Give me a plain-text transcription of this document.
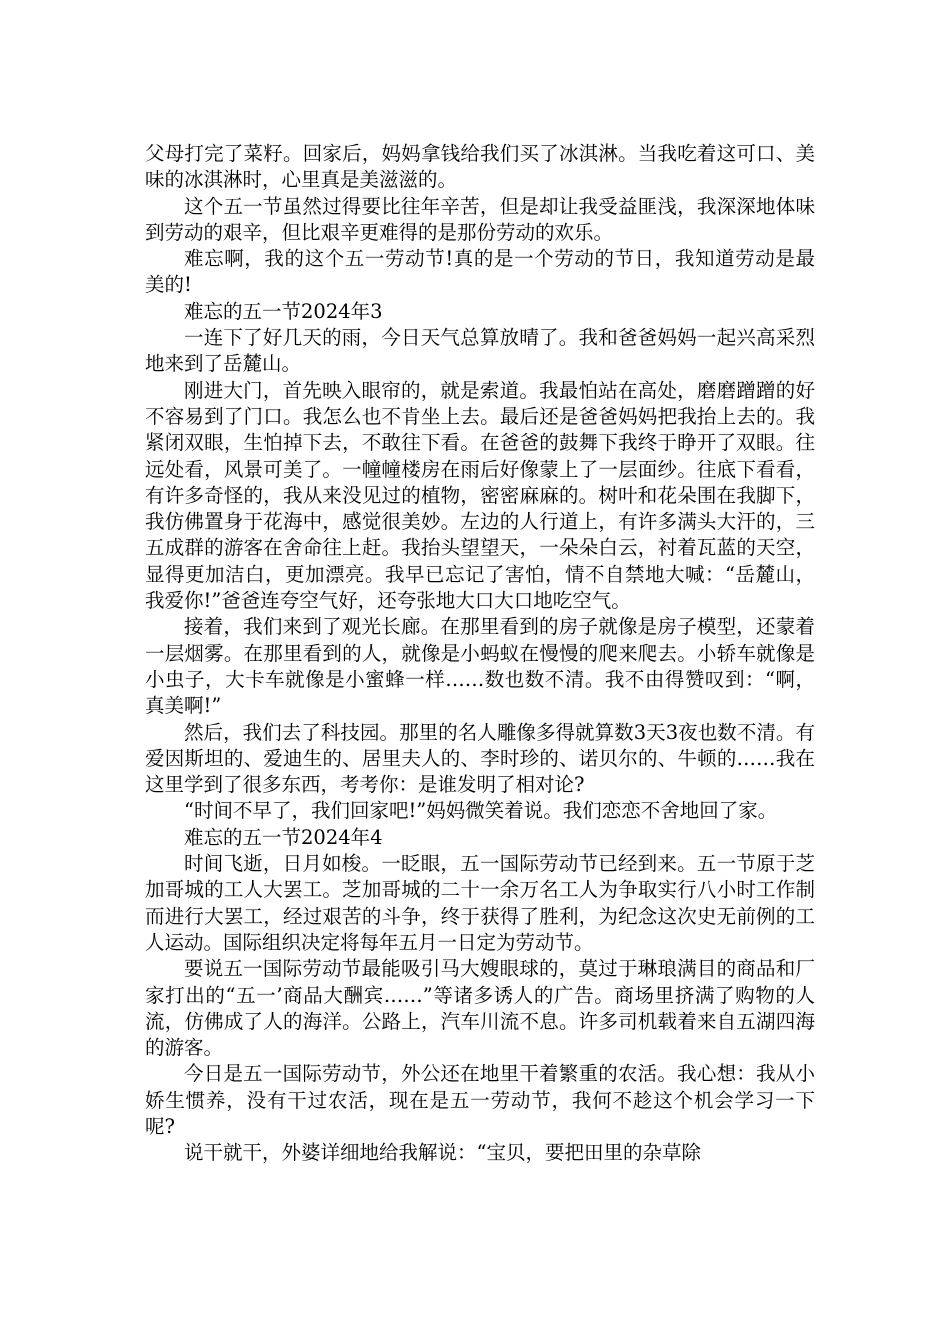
父母打完了菜籽。回家后，妈妈拿钱给我们买了冰淇淋。当我吃着这可口、美味的冰淇淋时，心里真是美滋滋的。

这个五一节虽然过得要比往年辛苦，但是却让我受益匪浅，我深深地体味到劳动的艰辛，但比艰辛更难得的是那份劳动的欢乐。

难忘啊，我的这个五一劳动节!真的是一个劳动的节日，我知道劳动是最美的!

难忘的五一节2024年3

一连下了好几天的雨，今日天气总算放晴了。我和爸爸妈妈一起兴高采烈地来到了岳麓山。

刚进大门，首先映入眼帘的，就是索道。我最怕站在高处，磨磨蹭蹭的好不容易到了门口。我怎么也不肯坐上去。最后还是爸爸妈妈把我抬上去的。我紧闭双眼，生怕掉下去，不敢往下看。在爸爸的鼓舞下我终于睁开了双眼。往远处看，风景可美了。一幢幢楼房在雨后好像蒙上了一层面纱。往底下看看，有许多奇怪的，我从来没见过的植物，密密麻麻的。树叶和花朵围在我脚下，我仿佛置身于花海中，感觉很美妙。左边的人行道上，有许多满头大汗的，三五成群的游客在舍命往上赶。我抬头望望天，一朵朵白云，衬着瓦蓝的天空，显得更加洁白，更加漂亮。我早已忘记了害怕，情不自禁地大喊：“岳麓山，我爱你!”爸爸连夸空气好，还夸张地大口大口地吃空气。

接着，我们来到了观光长廊。在那里看到的房子就像是房子模型，还蒙着一层烟雾。在那里看到的人，就像是小蚂蚁在慢慢的爬来爬去。小轿车就像是小虫子，大卡车就像是小蜜蜂一样……数也数不清。我不由得赞叹到：“啊，真美啊!”

然后，我们去了科技园。那里的名人雕像多得就算数3天3夜也数不清。有爱因斯坦的、爱迪生的、居里夫人的、李时珍的、诺贝尔的、牛顿的……我在这里学到了很多东西，考考你：是谁发明了相对论?

“时间不早了，我们回家吧!”妈妈微笑着说。我们恋恋不舍地回了家。

难忘的五一节2024年4

时间飞逝，日月如梭。一眨眼，五一国际劳动节已经到来。五一节原于芝加哥城的工人大罢工。芝加哥城的二十一余万名工人为争取实行八小时工作制而进行大罢工，经过艰苦的斗争，终于获得了胜利，为纪念这次史无前例的工人运动。国际组织决定将每年五月一日定为劳动节。

要说五一国际劳动节最能吸引马大嫂眼球的，莫过于琳琅满目的商品和厂家打出的“五一’商品大酬宾……”等诸多诱人的广告。商场里挤满了购物的人流，仿佛成了人的海洋。公路上，汽车川流不息。许多司机载着来自五湖四海的游客。

今日是五一国际劳动节，外公还在地里干着繁重的农活。我心想：我从小娇生惯养，没有干过农活，现在是五一劳动节，我何不趁这个机会学习一下呢?

说干就干，外婆详细地给我解说：“宝贝，要把田里的杂草除
